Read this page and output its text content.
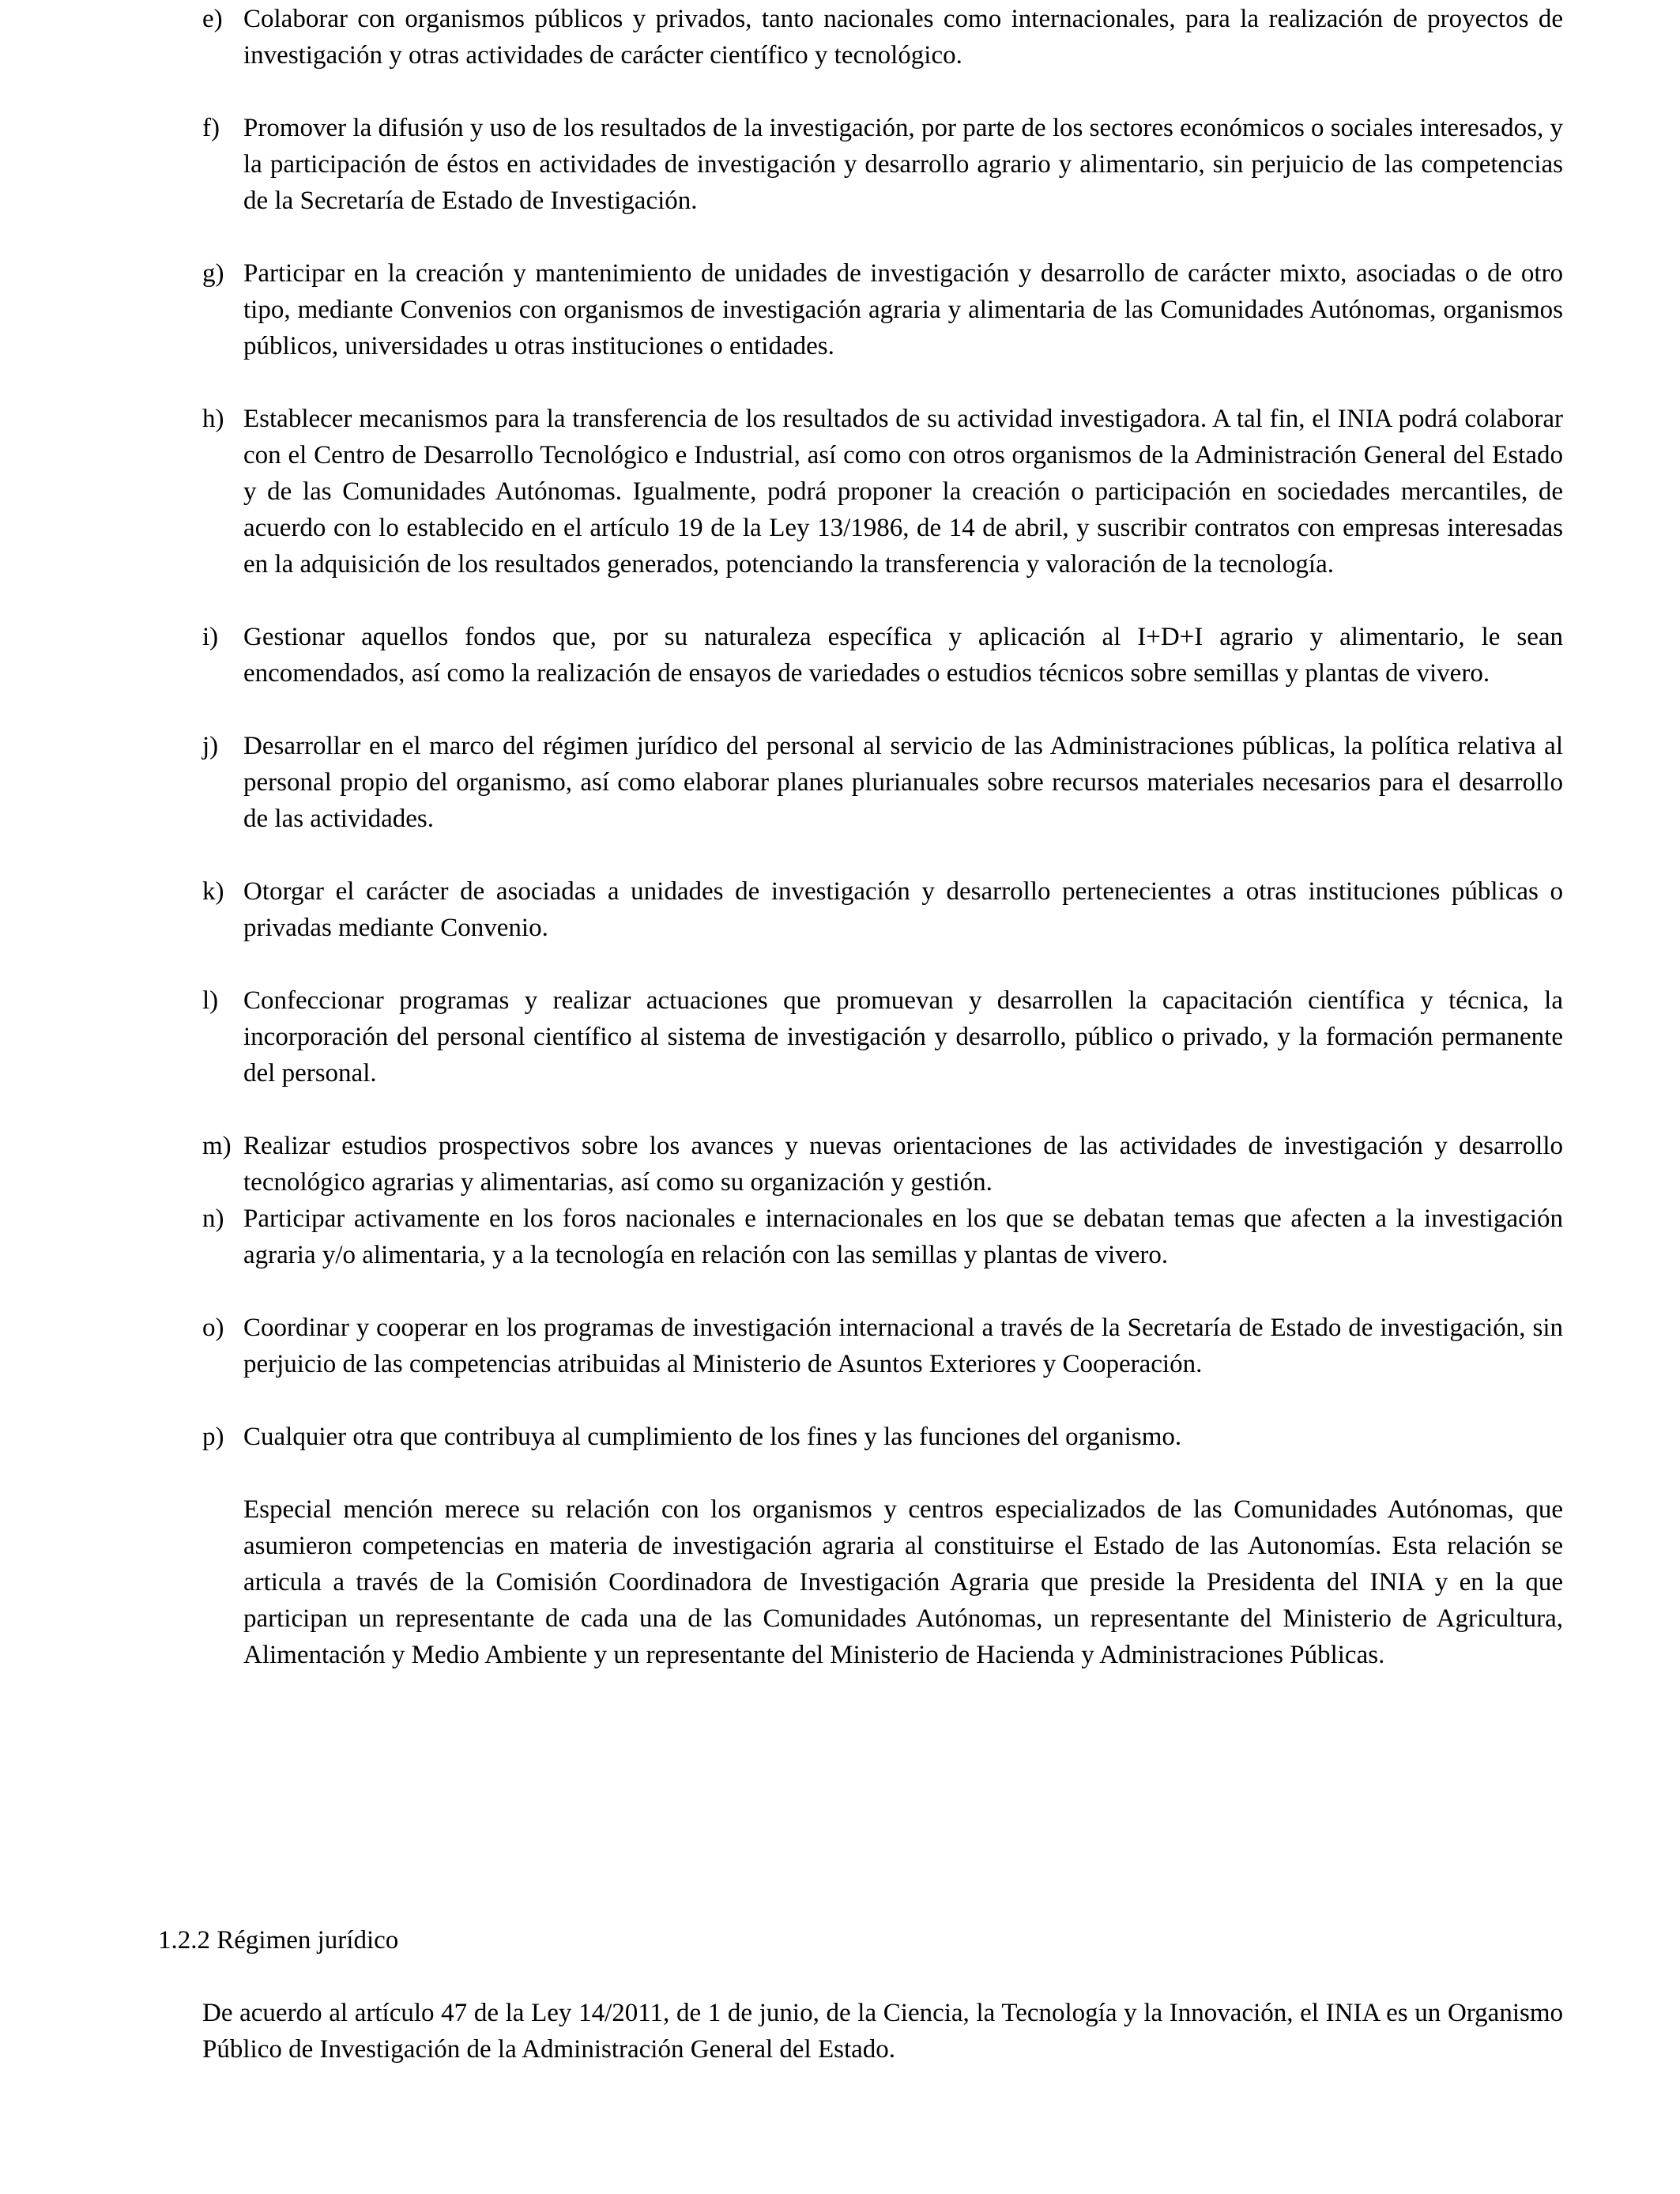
e) Colaborar con organismos públicos y privados, tanto nacionales como internacionales, para la realización de proyectos de investigación y otras actividades de carácter científico y tecnológico.
f) Promover la difusión y uso de los resultados de la investigación, por parte de los sectores económicos o sociales interesados, y la participación de éstos en actividades de investigación y desarrollo agrario y alimentario, sin perjuicio de las competencias de la Secretaría de Estado de Investigación.
g) Participar en la creación y mantenimiento de unidades de investigación y desarrollo de carácter mixto, asociadas o de otro tipo, mediante Convenios con organismos de investigación agraria y alimentaria de las Comunidades Autónomas, organismos públicos, universidades u otras instituciones o entidades.
h) Establecer mecanismos para la transferencia de los resultados de su actividad investigadora. A tal fin, el INIA podrá colaborar con el Centro de Desarrollo Tecnológico e Industrial, así como con otros organismos de la Administración General del Estado y de las Comunidades Autónomas. Igualmente, podrá proponer la creación o participación en sociedades mercantiles, de acuerdo con lo establecido en el artículo 19 de la Ley 13/1986, de 14 de abril, y suscribir contratos con empresas interesadas en la adquisición de los resultados generados, potenciando la transferencia y valoración de la tecnología.
i) Gestionar aquellos fondos que, por su naturaleza específica y aplicación al I+D+I agrario y alimentario, le sean encomendados, así como la realización de ensayos de variedades o estudios técnicos sobre semillas y plantas de vivero.
j) Desarrollar en el marco del régimen jurídico del personal al servicio de las Administraciones públicas, la política relativa al personal propio del organismo, así como elaborar planes plurianuales sobre recursos materiales necesarios para el desarrollo de las actividades.
k) Otorgar el carácter de asociadas a unidades de investigación y desarrollo pertenecientes a otras instituciones públicas o privadas mediante Convenio.
l) Confeccionar programas y realizar actuaciones que promuevan y desarrollen la capacitación científica y técnica, la incorporación del personal científico al sistema de investigación y desarrollo, público o privado, y la formación permanente del personal.
m) Realizar estudios prospectivos sobre los avances y nuevas orientaciones de las actividades de investigación y desarrollo tecnológico agrarias y alimentarias, así como su organización y gestión.
n) Participar activamente en los foros nacionales e internacionales en los que se debatan temas que afecten a la investigación agraria y/o alimentaria, y a la tecnología en relación con las semillas y plantas de vivero.
o) Coordinar y cooperar en los programas de investigación internacional a través de la Secretaría de Estado de investigación, sin perjuicio de las competencias atribuidas al Ministerio de Asuntos Exteriores y Cooperación.
p) Cualquier otra que contribuya al cumplimiento de los fines y las funciones del organismo.

Especial mención merece su relación con los organismos y centros especializados de las Comunidades Autónomas, que asumieron competencias en materia de investigación agraria al constituirse el Estado de las Autonomías. Esta relación se articula a través de la Comisión Coordinadora de Investigación Agraria que preside la Presidenta del INIA y en la que participan un representante de cada una de las Comunidades Autónomas, un representante del Ministerio de Agricultura, Alimentación y Medio Ambiente y un representante del Ministerio de Hacienda y Administraciones Públicas.

1.2.2 Régimen jurídico

De acuerdo al artículo 47 de la Ley 14/2011, de 1 de junio, de la Ciencia, la Tecnología y la Innovación, el INIA es un Organismo Público de Investigación de la Administración General del Estado.
